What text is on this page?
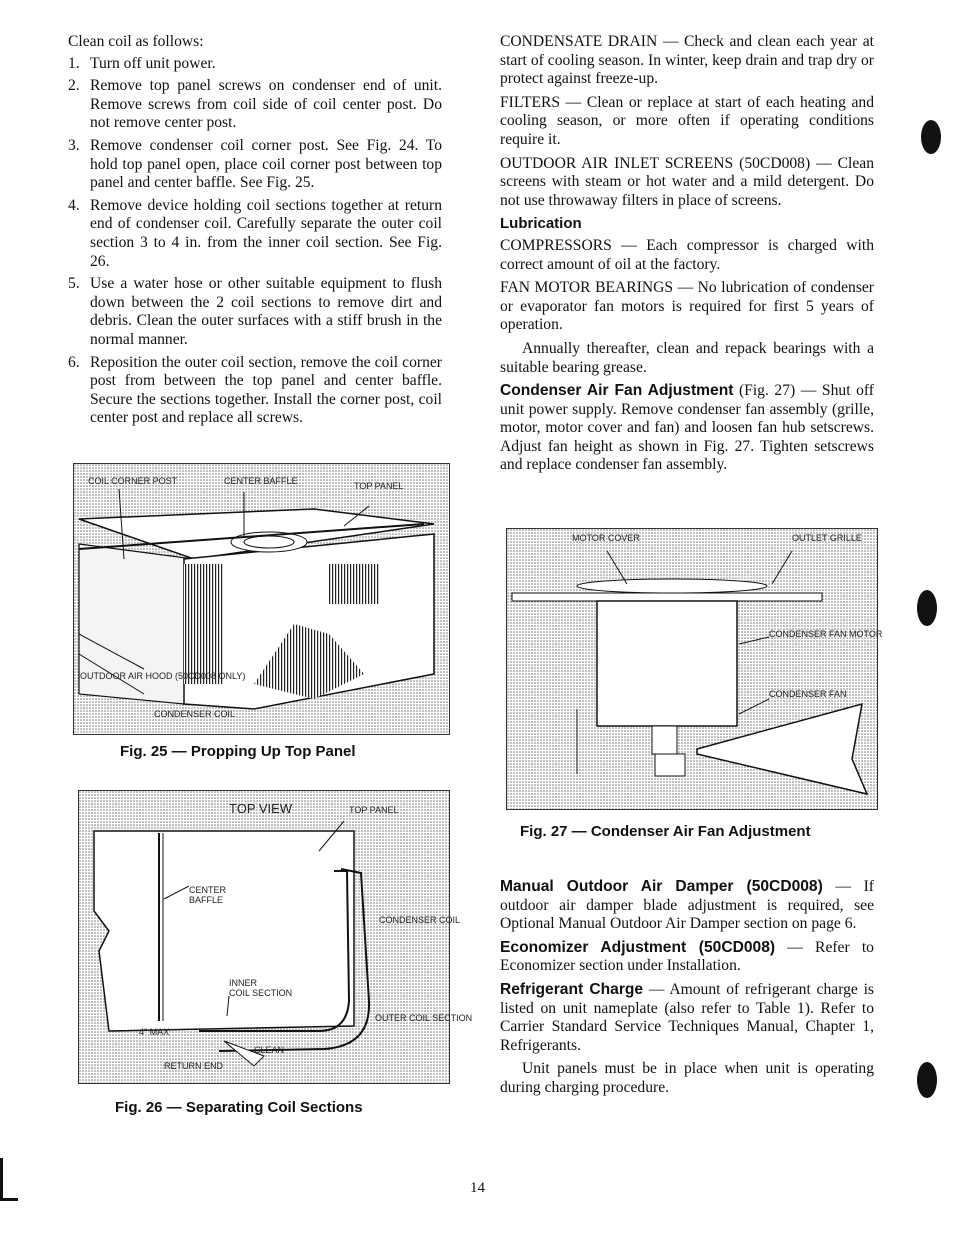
Clean coil as follows:

1. Turn off unit power.
2. Remove top panel screws on condenser end of unit. Remove screws from coil side of coil center post. Do not remove center post.
3. Remove condenser coil corner post. See Fig. 24. To hold top panel open, place coil corner post between top panel and center baffle. See Fig. 25.
4. Remove device holding coil sections together at return end of condenser coil. Carefully separate the outer coil section 3 to 4 in. from the inner coil section. See Fig. 26.
5. Use a water hose or other suitable equipment to flush down between the 2 coil sections to remove dirt and debris. Clean the outer surfaces with a stiff brush in the normal manner.
6. Reposition the outer coil section, remove the coil corner post from between the top panel and center baffle. Secure the sections together. Install the corner post, coil center post and replace all screws.
COIL CORNER POST	CENTER BAFFLE	TOP PANEL
OUTDOOR AIR HOOD (50CD008 ONLY)
CONDENSER COIL
Fig. 25 — Propping Up Top Panel
TOP VIEW	TOP PANEL
CENTER
BAFFLE
CONDENSER COIL
INNER
COIL SECTION
OUTER COIL SECTION
4" MAX
CLEAN
RETURN END
Fig. 26 — Separating Coil Sections

CONDENSATE DRAIN — Check and clean each year at start of cooling season. In winter, keep drain and trap dry or protect against freeze-up.

FILTERS — Clean or replace at start of each heating and cooling season, or more often if operating conditions require it.

OUTDOOR AIR INLET SCREENS (50CD008) — Clean screens with steam or hot water and a mild detergent. Do not use throwaway filters in place of screens.

Lubrication

COMPRESSORS — Each compressor is charged with correct amount of oil at the factory.

FAN MOTOR BEARINGS — No lubrication of condenser or evaporator fan motors is required for first 5 years of operation.

Annually thereafter, clean and repack bearings with a suitable bearing grease.

Condenser Air Fan Adjustment (Fig. 27) — Shut off unit power supply. Remove condenser fan assembly (grille, motor, motor cover and fan) and loosen fan hub setscrews. Adjust fan height as shown in Fig. 27. Tighten setscrews and replace condenser fan assembly.

MOTOR COVER	OUTLET GRILLE
CONDENSER FAN MOTOR
CONDENSER FAN
Fig. 27 — Condenser Air Fan Adjustment

Manual Outdoor Air Damper (50CD008) — If outdoor air damper blade adjustment is required, see Optional Manual Outdoor Air Damper section on page 6.

Economizer Adjustment (50CD008) — Refer to Economizer section under Installation.

Refrigerant Charge — Amount of refrigerant charge is listed on unit nameplate (also refer to Table 1). Refer to Carrier Standard Service Techniques Manual, Chapter 1, Refrigerants.

Unit panels must be in place when unit is operating during charging procedure.

14
